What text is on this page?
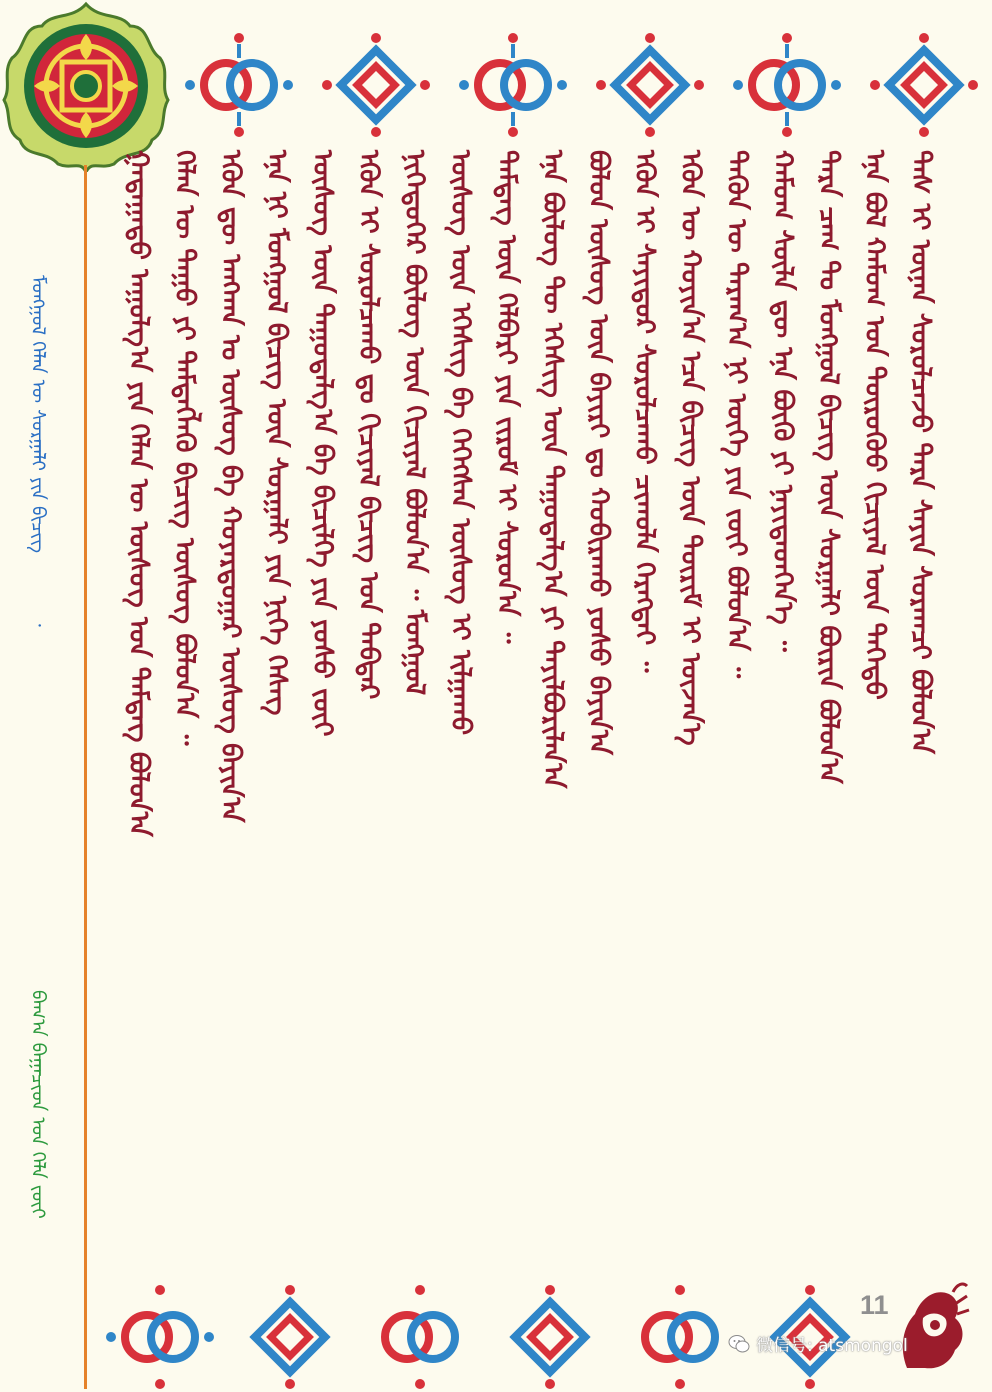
ᠮᠣᠩᠭᠣᠯ ᠬᠡᠯᠡᠨ ᠦ ᠰᠤᠷᠭᠠᠯᠢ ᠶᠢᠨ ᠪᠢᠴᠢᠭ ᠂
ᠪᠠᠭ᠎ᠠ ᠪᠠᠭᠠᠴᠢᠳ ᠤᠨ ᠬᠡᠯᠡ ᠵᠦᠢ
ᠭᠠᠳᠠᠭᠠᠳᠤ ᠠᠭᠤᠯᠭ᠎ᠠ ᠶᠢᠨ ᠬᠡᠯᠡᠨ ᠦ ᠦᠰᠦᠭ ᠤᠨ ᠲᠡᠮᠳᠡᠭ ᠪᠣᠯᠤᠨ᠎ᠠ ᠬᠡᠯᠡᠨ ᠦ ᠳᠠᠭᠤ ᠶᠢ ᠲᠡᠮᠳᠡᠭᠯᠡᠬᠦ ᠪᠢᠴᠢᠭ ᠦᠰᠦᠭ ᠪᠣᠯᠤᠨ᠎ᠠ ᠃ ᠡᠭᠦᠨ ᠳᠦ ᠠᠩᠬᠠᠨ ᠤ ᠦᠰᠦᠭ ᠪᠠ ᠬᠣᠶᠠᠷᠳᠤᠭᠠᠷ ᠦᠰᠦᠭ ᠪᠠᠶᠢᠨ᠎ᠠ ᠡᠨᠡ ᠨᠢ ᠮᠣᠩᠭᠣᠯ ᠪᠢᠴᠢᠭ ᠦᠨ ᠰᠤᠷᠭᠠᠯᠢ ᠶᠢᠨ ᠨᠢᠭᠡ ᠬᠡᠰᠡᠭ ᠦᠰᠦᠭ ᠦᠨ ᠳᠠᠭᠤᠳᠠᠯᠭ᠎ᠠ ᠪᠠ ᠪᠢᠴᠢᠯᠭᠡ ᠶᠢᠨ ᠶᠣᠰᠣ ᠵᠦᠢ ᠡᠭᠦᠨ ᠢ ᠰᠤᠷᠤᠯᠴᠠᠬᠤ ᠳᠤ ᠬᠢᠴᠢᠶᠡᠯ ᠪᠢᠴᠢᠭ ᠤᠨ ᠳᠡᠪᠲᠡᠷ ᠨᠢᠭᠡᠳᠦᠭᠡᠷ ᠪᠦᠯᠦᠭ ᠦᠨ ᠬᠢᠴᠢᠶᠡᠯ ᠪᠣᠯᠤᠨ᠎ᠠ ᠃ ᠮᠣᠩᠭᠣᠯ ᠦᠰᠦᠭ ᠦᠨ ᠡᠭᠡᠰᠢᠭ ᠪᠠ ᠭᠡᠭᠡᠭᠰᠡᠨ ᠦᠰᠦᠭ ᠢ ᠢᠯᠭᠠᠬᠤ ᠲᠡᠮᠳᠡᠭ ᠦᠨ ᠬᠡᠯᠪᠡᠷᠢ ᠶᠢᠨ ᠵᠢᠷᠤᠮ ᠢ ᠰᠤᠷᠤᠨ᠎ᠠ ᠃ ᠡᠨᠡ ᠪᠦᠯᠦᠭ ᠲᠦ ᠡᠭᠡᠰᠢᠭ ᠦᠨ ᠳᠠᠭᠤᠳᠠᠯᠭ᠎ᠠ ᠶᠢ ᠲᠠᠶᠢᠯᠪᠤᠷᠢᠯᠠᠨ᠎ᠠ ᠪᠣᠯᠤᠨ ᠦᠰᠦᠭ ᠦᠨ ᠪᠠᠶᠢᠷᠢ ᠳᠤ ᠬᠤᠪᠢᠷᠠᠬᠤ ᠶᠣᠰᠣ ᠪᠠᠶᠢᠨ᠎ᠠ ᠡᠭᠦᠨ ᠢ ᠰᠠᠶᠢᠲᠤᠷ ᠰᠤᠷᠤᠯᠴᠠᠬᠤ ᠴᠢᠬᠤᠯᠠ ᠬᠡᠷᠡᠭᠲᠡᠶ ᠃ ᠡᠭᠦᠨ ᠦ ᠬᠣᠶᠢᠨ᠎ᠠ ᠡᠴᠡ ᠪᠢᠴᠢᠭ ᠦᠨ ᠳᠦᠷᠢᠮ ᠢ ᠦᠵᠡᠨ᠎ᠡ ᠲᠡᠭᠦᠨ ᠦ ᠳᠠᠷᠠᠭ᠎ᠠ ᠨᠢ ᠦᠭᠡ ᠶᠢᠨ ᠵᠦᠢ ᠪᠣᠯᠤᠨ᠎ᠠ ᠃ ᠬᠠᠮᠤᠭ ᠰᠦᠯᠡ ᠳᠦ ᠡᠨᠡ ᠪᠦᠬᠦ ᠶᠢ ᠨᠡᠶᠢᠲᠡᠳᠬᠡᠨ᠎ᠡ ᠃ ᠲᠡᠷᠡ ᠴᠠᠭ ᠲᠤ ᠮᠣᠩᠭᠣᠯ ᠪᠢᠴᠢᠭ ᠦᠨ ᠰᠤᠷᠭᠠᠯᠢ ᠪᠦᠷᠢᠨ ᠪᠣᠯᠤᠨ᠎ᠠ ᠡᠨᠡ ᠪᠣᠯ ᠬᠠᠮᠤᠭ ᠤᠨ ᠲᠦᠷᠦᠭᠦᠦ ᠬᠢᠴᠢᠶᠡᠯ ᠦᠨ ᠳᠡᠭᠡᠳᠦ ᠳᠡᠰ ᠢ ᠦᠨᠡᠨ ᠰᠤᠷᠤᠯᠴᠠᠵᠤ ᠲᠡᠷᠡ ᠰᠠᠶᠢᠨ ᠰᠤᠷᠠᠭᠴᠢ ᠪᠣᠯᠤᠨ᠎ᠠ
11
微信号: atsmongol
